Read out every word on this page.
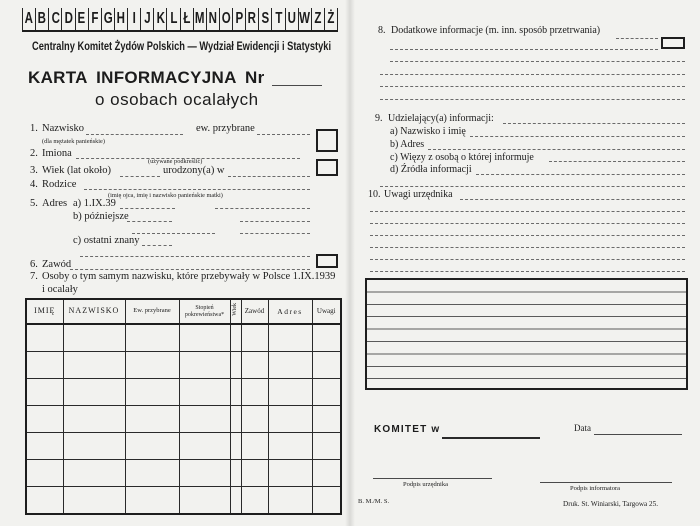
A B C D E F G H I J K L Ł M N O P R S T U W Z Ż
Centralny Komitet Żydów Polskich — Wydział Ewidencji i Statystyki
KARTA INFORMACYJNA Nr
o osobach ocalałych
1. Nazwisko	ew. przybrane
(dla mężatek panieńskie)
2. Imiona
(używane podkreślić)
3. Wiek (lat około)	urodzony(a) w
4. Rodzice
(imię ojca, imię i nazwisko panieńskie matki)
5. Adres a) 1.IX.39
b) późniejsze
c) ostatni znany
6. Zawód
7. Osoby o tym samym nazwisku, które przebywały w Polsce 1.IX.1939
i ocalały
IMIĘ	NAZWISKO	Ew. przybrane	Stopień pokrewieństwa*	Wiek	Zawód	Adres	Uwagi

8. Dodatkowe informacje (m. inn. sposób przetrwania)
9. Udzielający(a) informacji:
a) Nazwisko i imię
b) Adres
c) Więzy z osobą o której informuje
d) Źródła informacji
10. Uwagi urzędnika
KOMITET w	Data
Podpis urzędnika
Podpis informatora
B. M./M. S.	Druk. St. Winiarski, Targowa 25.
